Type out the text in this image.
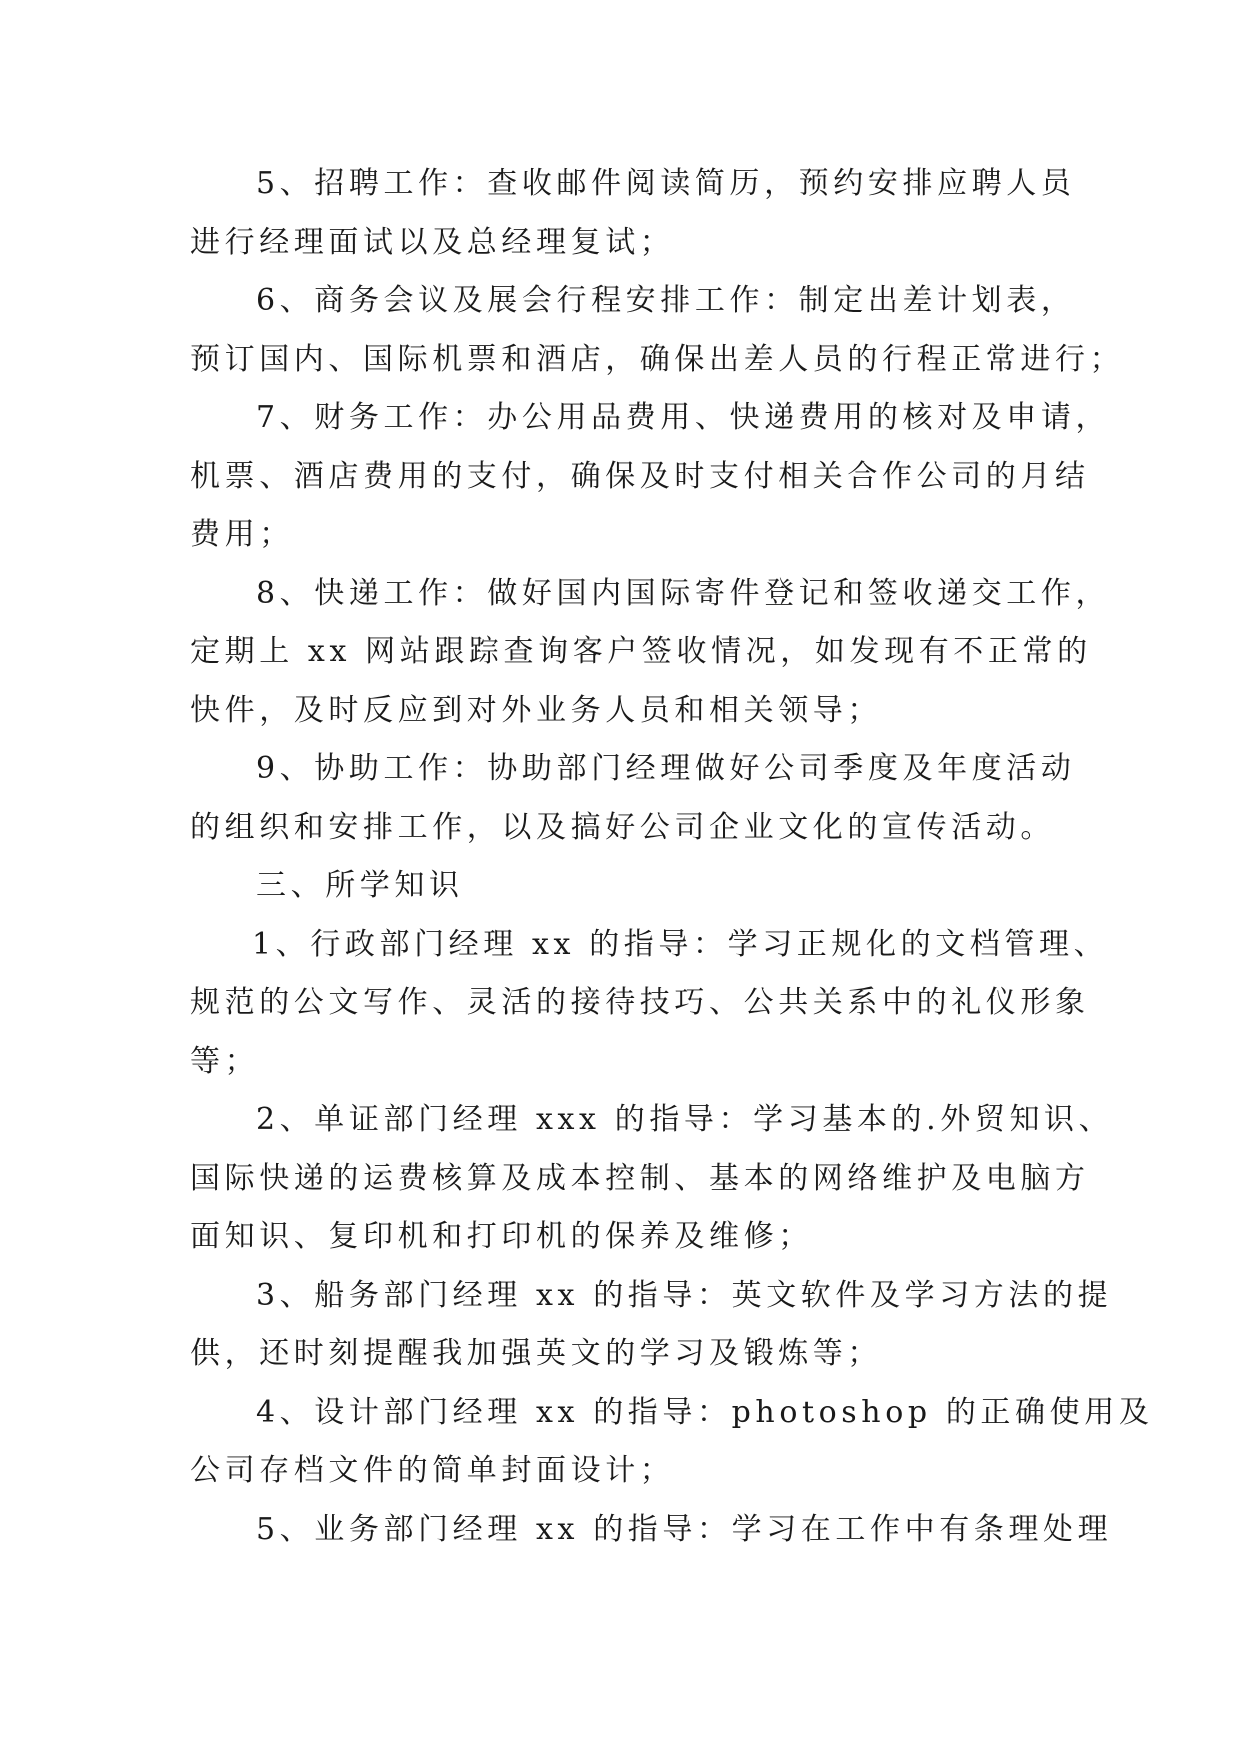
5、招聘工作：查收邮件阅读简历，预约安排应聘人员
进行经理面试以及总经理复试；
6、商务会议及展会行程安排工作：制定出差计划表，
预订国内、国际机票和酒店，确保出差人员的行程正常进行；
7、财务工作：办公用品费用、快递费用的核对及申请，
机票、酒店费用的支付，确保及时支付相关合作公司的月结
费用；
8、快递工作：做好国内国际寄件登记和签收递交工作，
定期上 xx 网站跟踪查询客户签收情况，如发现有不正常的
快件，及时反应到对外业务人员和相关领导；
9、协助工作：协助部门经理做好公司季度及年度活动
的组织和安排工作，以及搞好公司企业文化的宣传活动。
三、所学知识
1、行政部门经理 xx 的指导：学习正规化的文档管理、
规范的公文写作、灵活的接待技巧、公共关系中的礼仪形象
等；
2、单证部门经理 xxx 的指导：学习基本的.外贸知识、
国际快递的运费核算及成本控制、基本的网络维护及电脑方
面知识、复印机和打印机的保养及维修；
3、船务部门经理 xx 的指导：英文软件及学习方法的提
供，还时刻提醒我加强英文的学习及锻炼等；
4、设计部门经理 xx 的指导：photoshop 的正确使用及
公司存档文件的简单封面设计；
5、业务部门经理 xx 的指导：学习在工作中有条理处理
